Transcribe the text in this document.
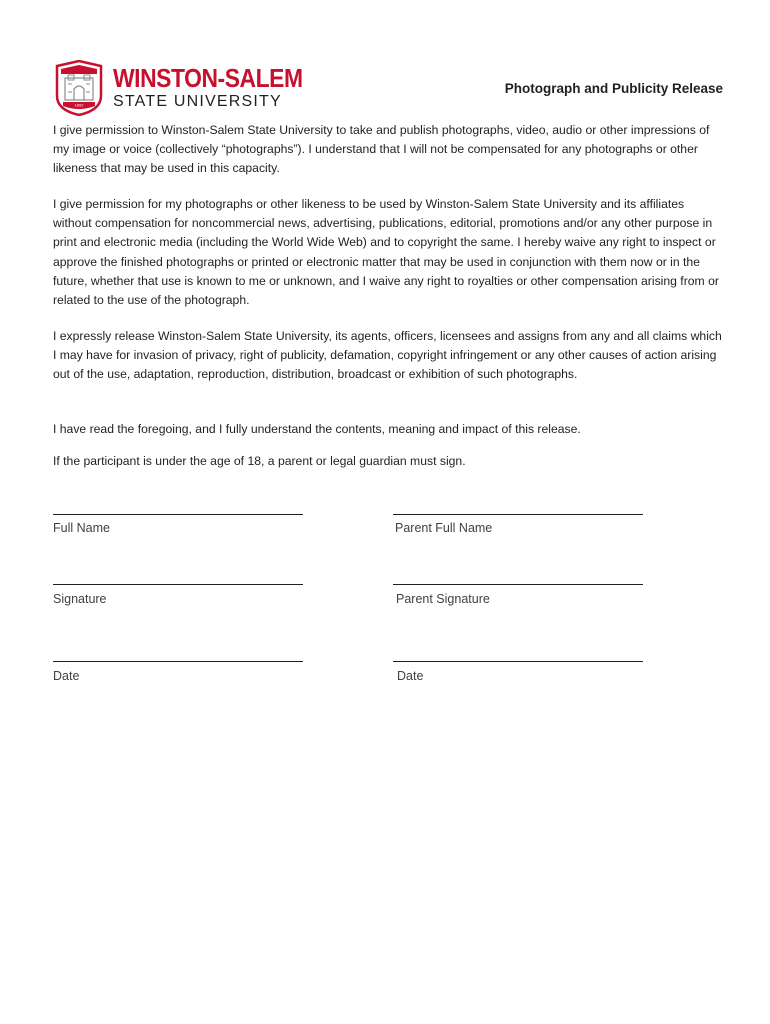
1892
WINSTON-SALEM
STATE UNIVERSITY
Photograph and Publicity Release

I give permission to Winston-Salem State University to take and publish photographs, video, audio or other impressions of my image or voice (collectively “photographs”). I understand that I will not be compensated for any photographs or other likeness that may be used in this capacity.

I give permission for my photographs or other likeness to be used by Winston-Salem State University and its affiliates without compensation for noncommercial news, advertising, publications, editorial, promotions and/or any other purpose in print and electronic media (including the World Wide Web) and to copyright the same. I hereby waive any right to inspect or approve the finished photographs or printed or electronic matter that may be used in conjunction with them now or in the future, whether that use is known to me or unknown, and I waive any right to royalties or other compensation arising from or related to the use of the photograph.

I expressly release Winston-Salem State University, its agents, officers, licensees and assigns from any and all claims which I may have for invasion of privacy, right of publicity, defamation, copyright infringement or any other causes of action arising out of the use, adaptation, reproduction, distribution, broadcast or exhibition of such photographs.

I have read the foregoing, and I fully understand the contents, meaning and impact of this release.

If the participant is under the age of 18, a parent or legal guardian must sign.

Full Name
Signature
Date
Parent Full Name
Parent Signature
Date
